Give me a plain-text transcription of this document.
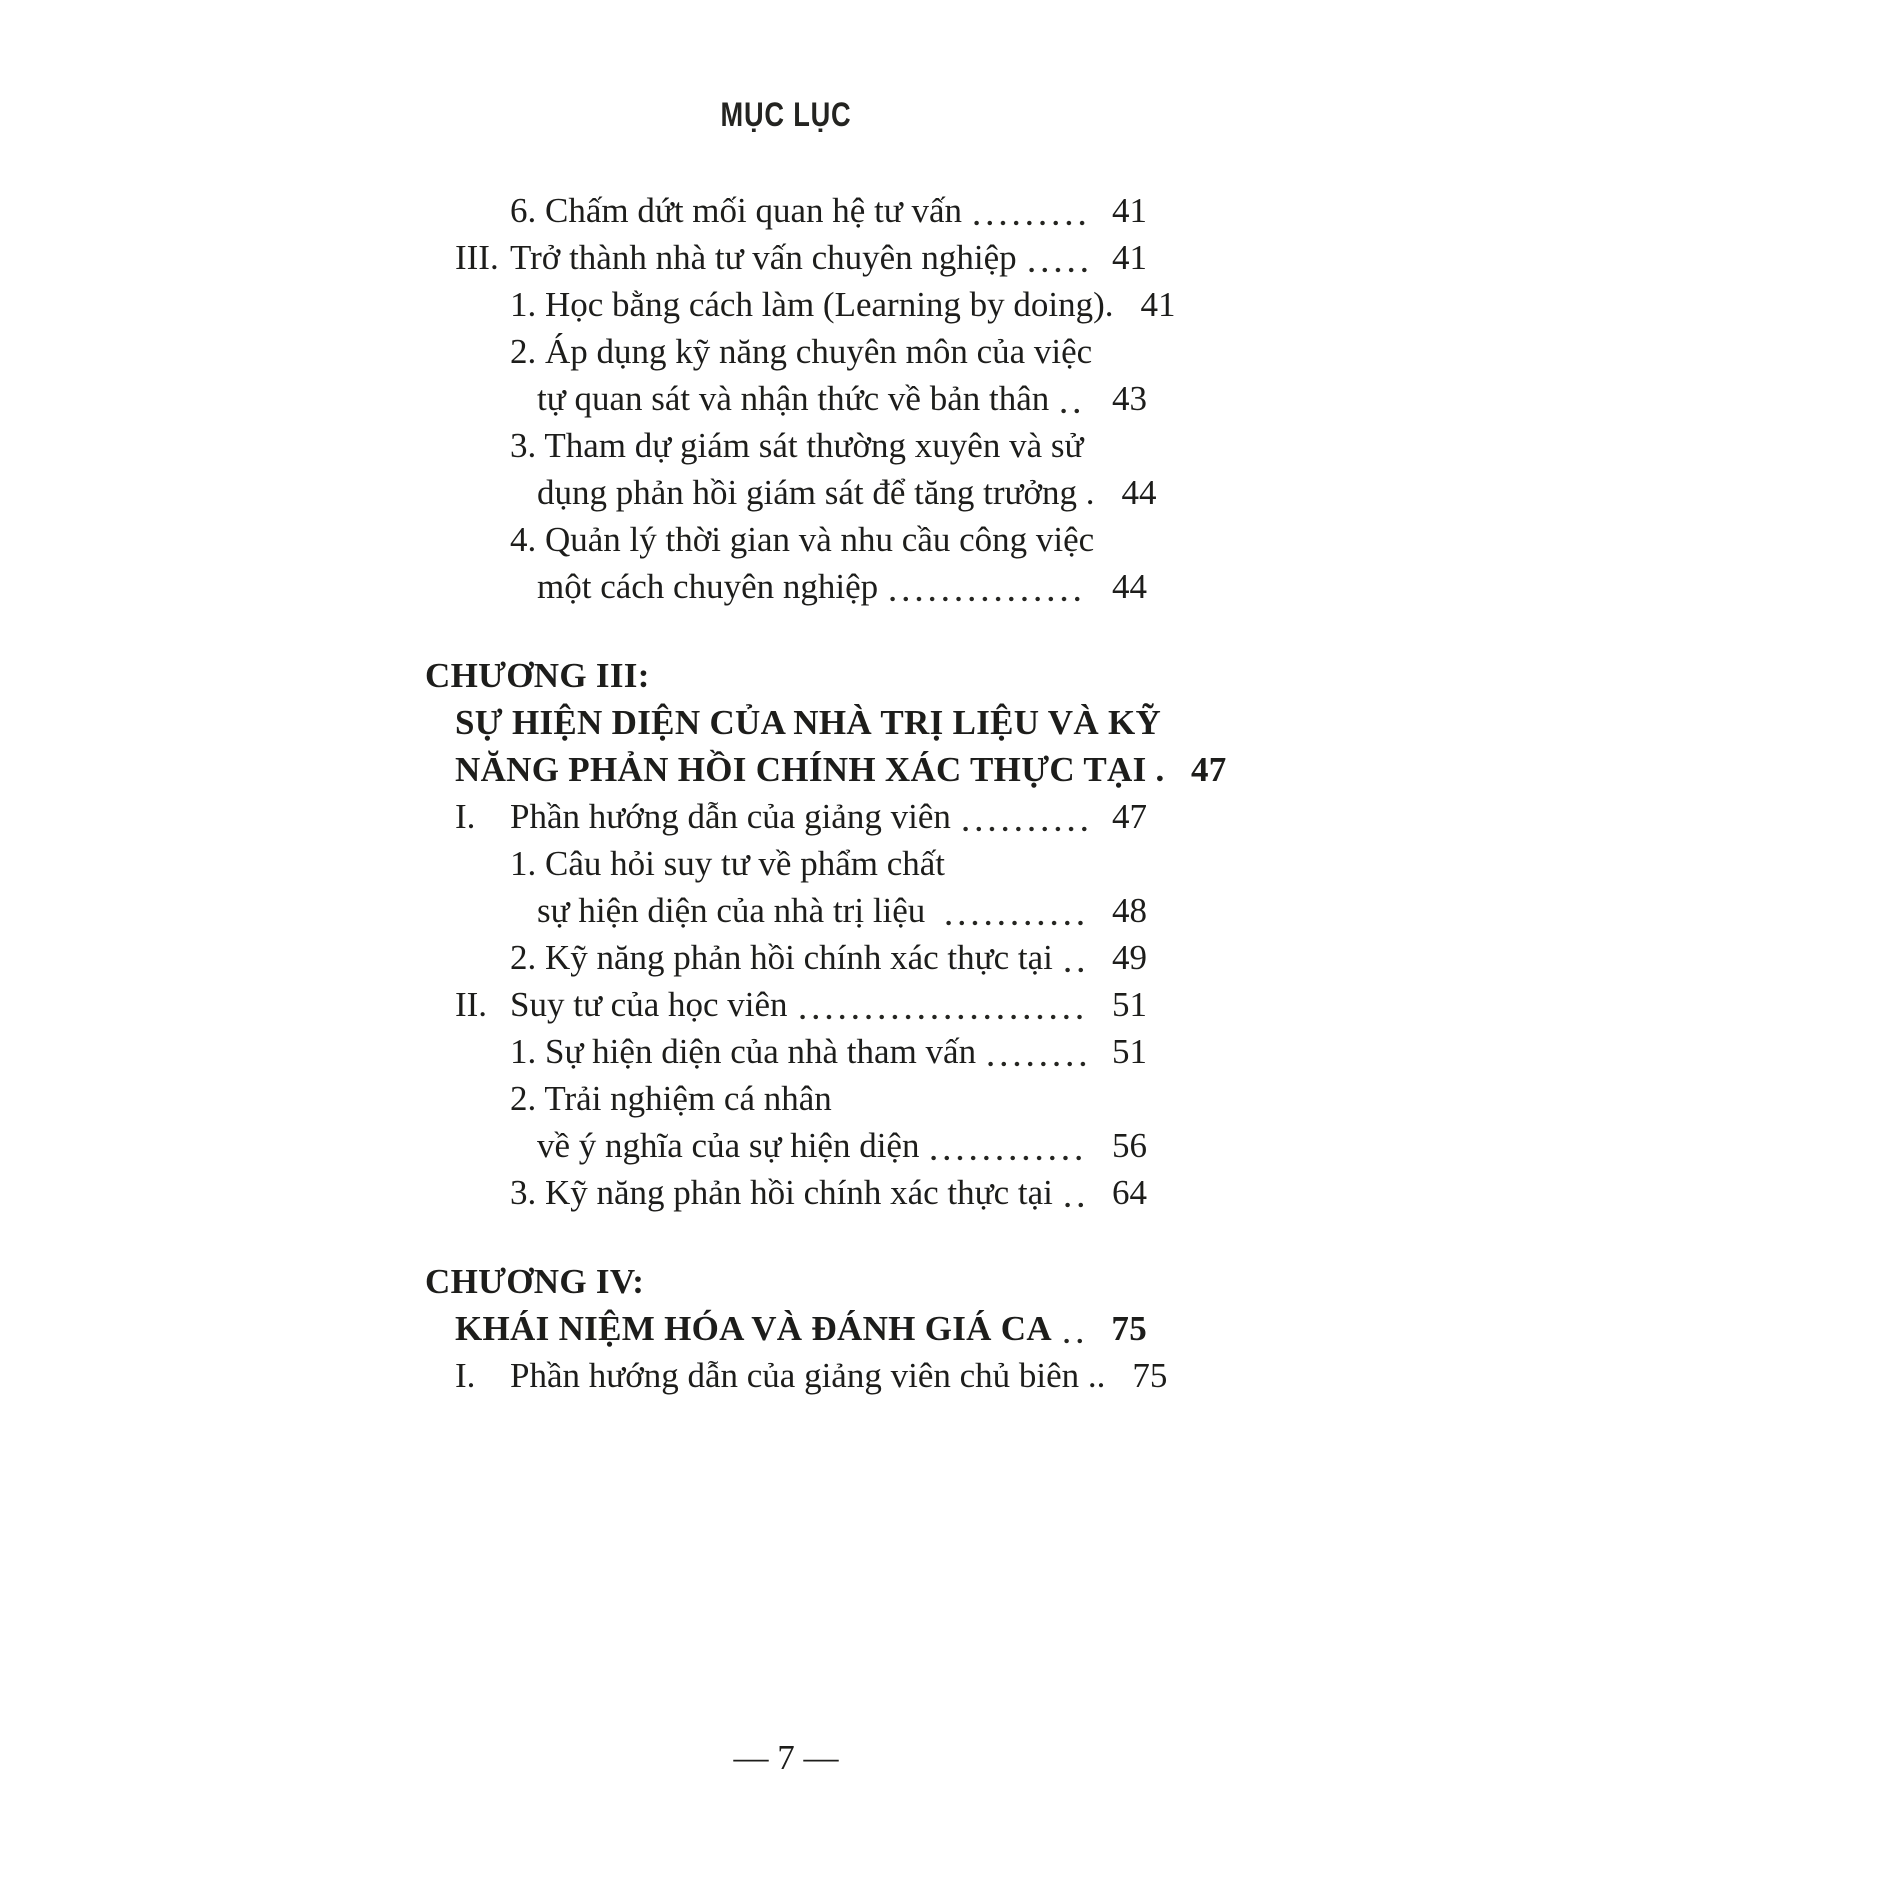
MỤC LỤC
6. Chấm dứt mối quan hệ tư vấn	41
III. Trở thành nhà tư vấn chuyên nghiệp	41
1. Học bằng cách làm (Learning by doing). 41
2. Áp dụng kỹ năng chuyên môn của việc
tự quan sát và nhận thức về bản thân	43
3. Tham dự giám sát thường xuyên và sử
dụng phản hồi giám sát để tăng trưởng . 44
4. Quản lý thời gian và nhu cầu công việc
một cách chuyên nghiệp	44
CHƯƠNG III:
SỰ HIỆN DIỆN CỦA NHÀ TRỊ LIỆU VÀ KỸ
NĂNG PHẢN HỒI CHÍNH XÁC THỰC TẠI . 47
I. Phần hướng dẫn của giảng viên	47
1. Câu hỏi suy tư về phẩm chất
sự hiện diện của nhà trị liệu	48
2. Kỹ năng phản hồi chính xác thực tại	49
II. Suy tư của học viên	51
1. Sự hiện diện của nhà tham vấn	51
2. Trải nghiệm cá nhân
về ý nghĩa của sự hiện diện	56
3. Kỹ năng phản hồi chính xác thực tại	64
CHƯƠNG IV:
KHÁI NIỆM HÓA VÀ ĐÁNH GIÁ CA	75
I. Phần hướng dẫn của giảng viên chủ biên .. 75
— 7 —
